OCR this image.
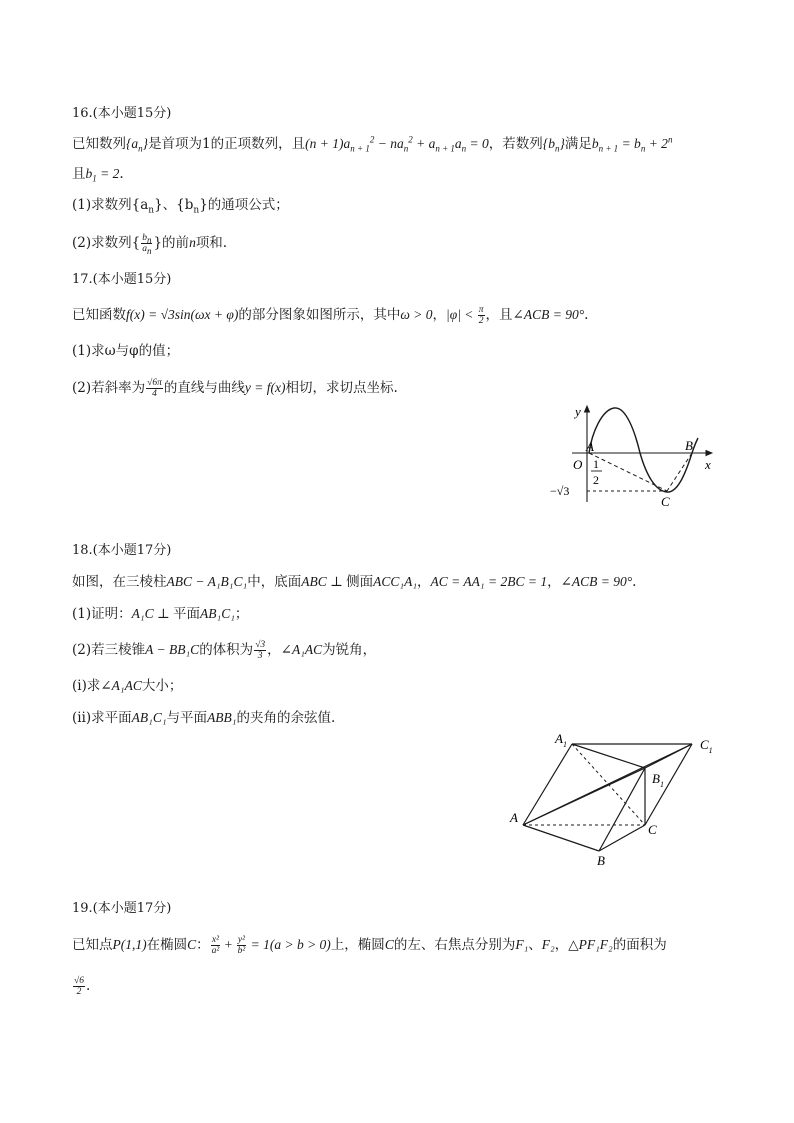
16.(本小题15分)
已知数列$\{a_n\}$是首项为1的正项数列，且$(n + 1)a_{n + 1}^2 - na_n^2 + a_{n + 1}a_n = 0$，若数列$\{b_n\}$满足$b_{n + 1} = b_n + 2^n$
且$b_1 = 2$.
(1)求数列$\{a_n\}$、$\{b_n\}$的通项公式；
(2)求数列{ $\frac{b_n}{a_n}$ }的前n项和.
17.(本小题15分)
已知函数f(x) = √3sin(ωx + φ)的部分图象如图所示，其中ω > 0，$|\varphi| < \frac{\pi}{2}$ ，且∠ACB = 90°.
(1)求ω与φ的值；
(2)若斜率为 $\frac{√6\pi}{4}$ 的直线与曲线y = f(x)相切，求切点坐标.
y
x
O
A	B
C
1
2
−√3
18.(本小题17分)
如图，在三棱柱ABC − A₁B₁C₁中，底面ABC ⊥ 侧面ACC₁A₁，AC = AA₁ = 2BC = 1，∠ACB = 90°.
(1)证明：A₁C ⊥ 平面AB₁C₁；
(2)若三棱锥A − BB₁C的体积为 $\frac{√3}{3}$ ，∠A₁AC为锐角，
(i)求∠A₁AC大小；
(ⅱ)求平面AB₁C₁与平面ABB₁的夹角的余弦值.
$A_1$	$C_1$
$B_1$
A
B
C
19.(本小题17分)
已知点P(1,1)在椭圆C： $\frac{\text{x²}}{\text{a²}} + \frac{\text{y²}}{\text{b²}} = 1(a > b > 0)$上，椭圆C的左、右焦点分别为F₁、F₂，△PF₁F₂的面积为
$\frac{√6}{2}$ .
